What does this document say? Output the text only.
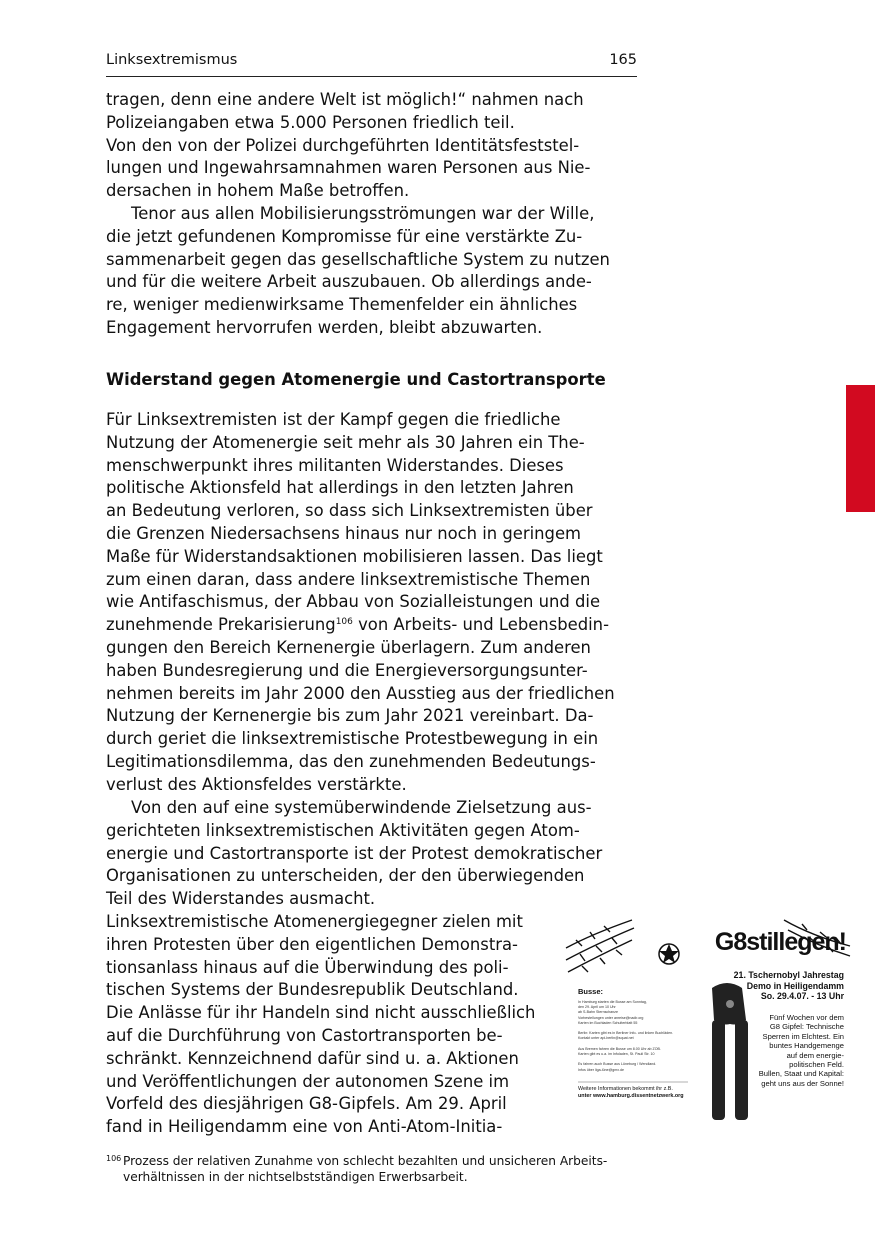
Linksextremismus	165
tragen, denn eine andere Welt ist möglich!“ nahmen nach
Polizeiangaben etwa 5.000 Personen friedlich teil.
Von den von der Polizei durchgeführten Identitätsfeststel-
lungen und Ingewahrsamnahmen waren Personen aus Nie-
dersachen in hohem Maße betroffen.
Tenor aus allen Mobilisierungsströmungen war der Wille,
die jetzt gefundenen Kompromisse für eine verstärkte Zu-
sammenarbeit gegen das gesellschaftliche System zu nutzen
und für die weitere Arbeit auszubauen. Ob allerdings ande-
re, weniger medienwirksame Themenfelder ein ähnliches
Engagement hervorrufen werden, bleibt abzuwarten.
Widerstand gegen Atomenergie und Castortransporte
Für Linksextremisten ist der Kampf gegen die friedliche
Nutzung der Atomenergie seit mehr als 30 Jahren ein The-
menschwerpunkt ihres militanten Widerstandes. Dieses
politische Aktionsfeld hat allerdings in den letzten Jahren
an Bedeutung verloren, so dass sich Linksextremisten über
die Grenzen Niedersachsens hinaus nur noch in geringem
Maße für Widerstandsaktionen mobilisieren lassen. Das liegt
zum einen daran, dass andere linksextremistische Themen
wie Antifaschismus, der Abbau von Sozialleistungen und die
zunehmende Prekarisierung$^{106}$ von Arbeits- und Lebensbedin-
gungen den Bereich Kernenergie überlagern. Zum anderen
haben Bundesregierung und die Energieversorgungsunter-
nehmen bereits im Jahr 2000 den Ausstieg aus der friedlichen
Nutzung der Kernenergie bis zum Jahr 2021 vereinbart. Da-
durch geriet die linksextremistische Protestbewegung in ein
Legitimationsdilemma, das den zunehmenden Bedeutungs-
verlust des Aktionsfeldes verstärkte.
Von den auf eine systemüberwindende Zielsetzung aus-
gerichteten linksextremistischen Aktivitäten gegen Atom-
energie und Castortransporte ist der Protest demokratischer
Organisationen zu unterscheiden, der den überwiegenden
Teil des Widerstandes ausmacht.
Linksextremistische Atomenergiegegner zielen mit
ihren Protesten über den eigentlichen Demonstra-
tionsanlass hinaus auf die Überwindung des poli-
tischen Systems der Bundesrepublik Deutschland.
Die Anlässe für ihr Handeln sind nicht ausschließlich
auf die Durchführung von Castortransporten be-
schränkt. Kennzeichnend dafür sind u. a. Aktionen
und Veröffentlichungen der autonomen Szene im
Vorfeld des diesjährigen G8-Gipfels. Am 29. April
fand in Heiligendamm eine von Anti-Atom-Initia-
G8stillegen!
21. Tschernobyl Jahrestag
Demo in Heiligendamm
So. 29.4.07. - 13 Uhr
Fünf Wochen vor dem
G8 Gipfel: Technische
Sperren im Elchtest. Ein
buntes Handgemenge
auf dem energie-
politischen Feld.
Bullen, Staat und Kapital:
geht uns aus der Sonne!
Busse:
In Hamburg starten die Busse am Sonntag,
den 29. April um 10 Uhr
ab S-Bahn Sternschanze
Vorbestellungen unter anreise@nadir.org
Karten im Buchladen Schulterblatt 55

Berlin: Karten gibt es in Berliner Info- und linken Buchläden.
Kontakt unter api-berlin@squat.net

Aus Bremen fahren die Busse um 8.00 Uhr ab ZOB.
Karten gibt es u.a. im Infoladen, St. Pauli Str. 10

Es fahren auch Busse aus Lüneburg / Wendland.
Infos über liga-lüne@gmx.de
Weitere Informationen bekommt ihr z.B.
unter www.hamburg.dissentnetzwerk.org
106 Prozess der relativen Zunahme von schlecht bezahlten und unsicheren Arbeits-
verhältnissen in der nichtselbstständigen Erwerbsarbeit.
